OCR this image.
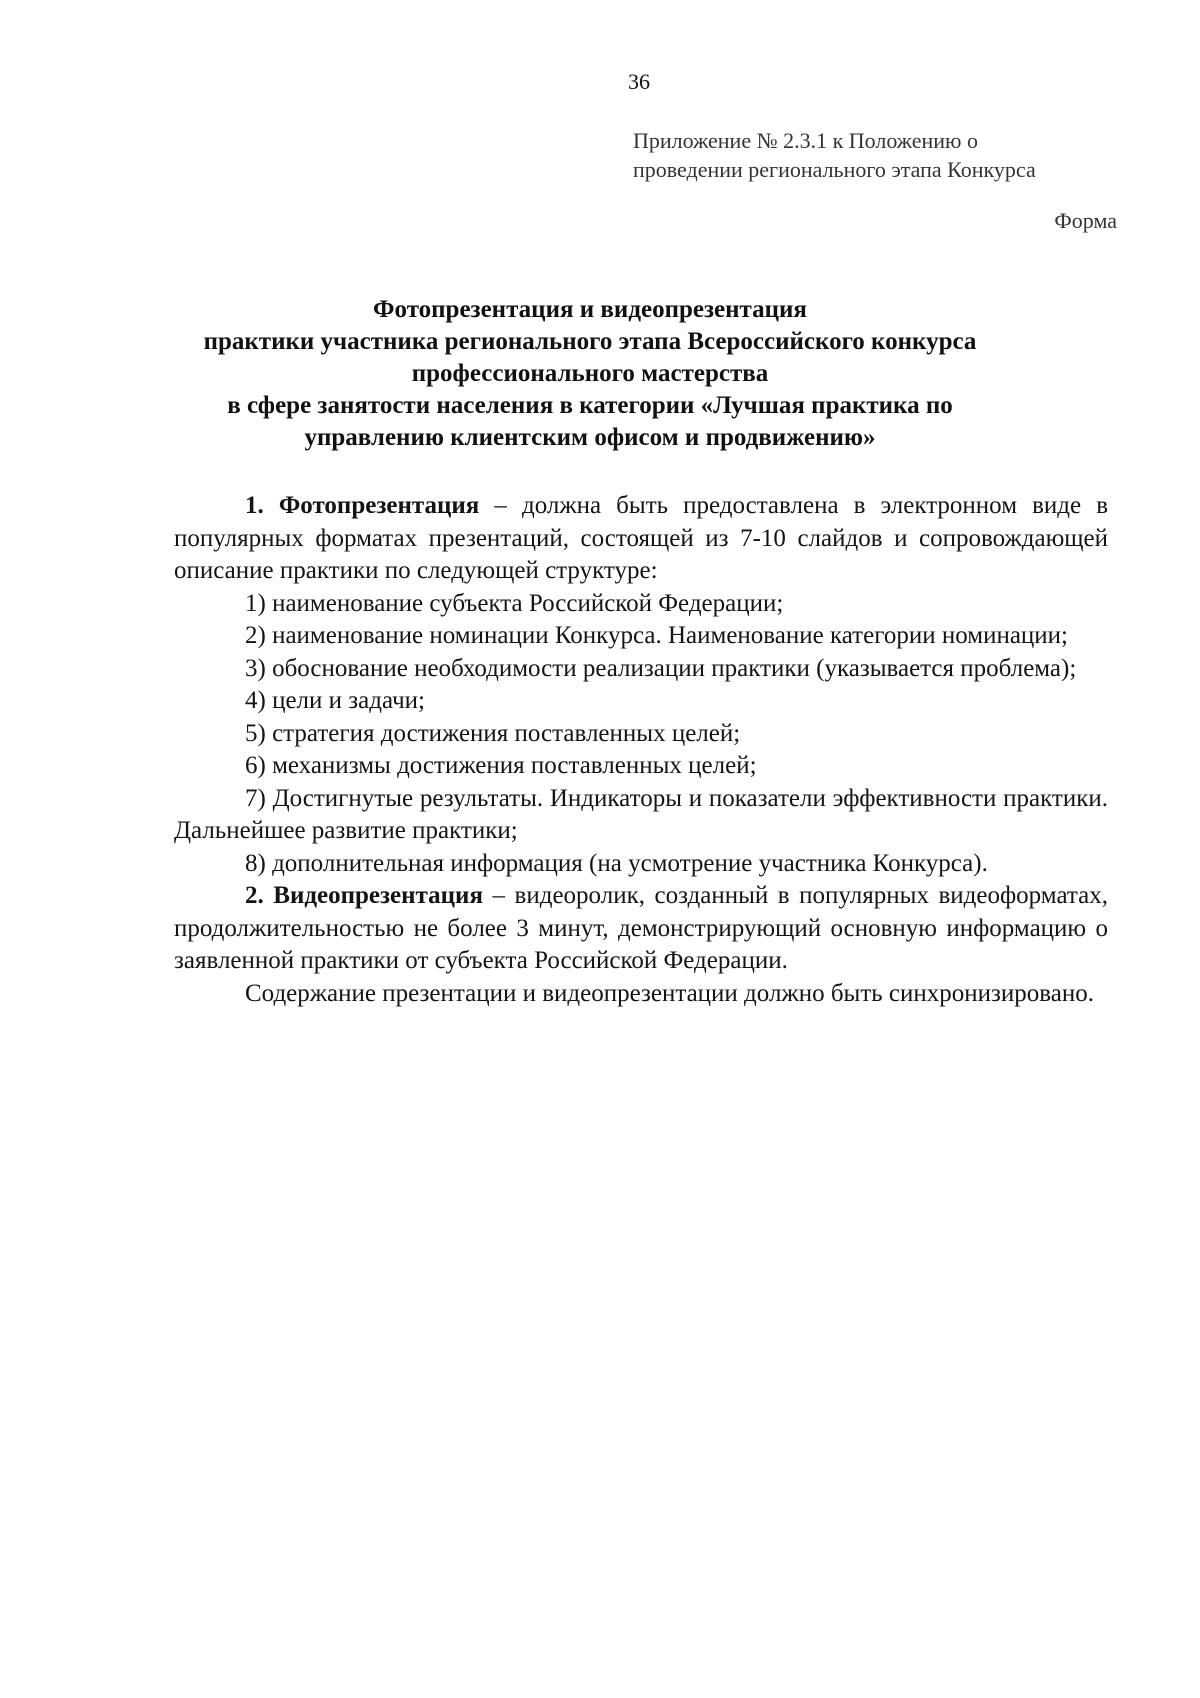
36
Приложение № 2.3.1 к Положению о
проведении регионального этапа Конкурса
Форма
Фотопрезентация и видеопрезентация
практики участника регионального этапа Всероссийского конкурса
профессионального мастерства
в сфере занятости населения в категории «Лучшая практика по
управлению клиентским офисом и продвижению»

1. Фотопрезентация – должна быть предоставлена в электронном виде в популярных форматах презентаций, состоящей из 7-10 слайдов и сопровождающей описание практики по следующей структуре:

1) наименование субъекта Российской Федерации;

2) наименование номинации Конкурса. Наименование категории номинации;

3) обоснование необходимости реализации практики (указывается проблема);

4) цели и задачи;

5) стратегия достижения поставленных целей;

6) механизмы достижения поставленных целей;

7) Достигнутые результаты. Индикаторы и показатели эффективности практики. Дальнейшее развитие практики;

8) дополнительная информация (на усмотрение участника Конкурса).

2. Видеопрезентация – видеоролик, созданный в популярных видеоформатах, продолжительностью не более 3 минут, демонстрирующий основную информацию о заявленной практики от субъекта Российской Федерации.

Содержание презентации и видеопрезентации должно быть синхронизировано.
